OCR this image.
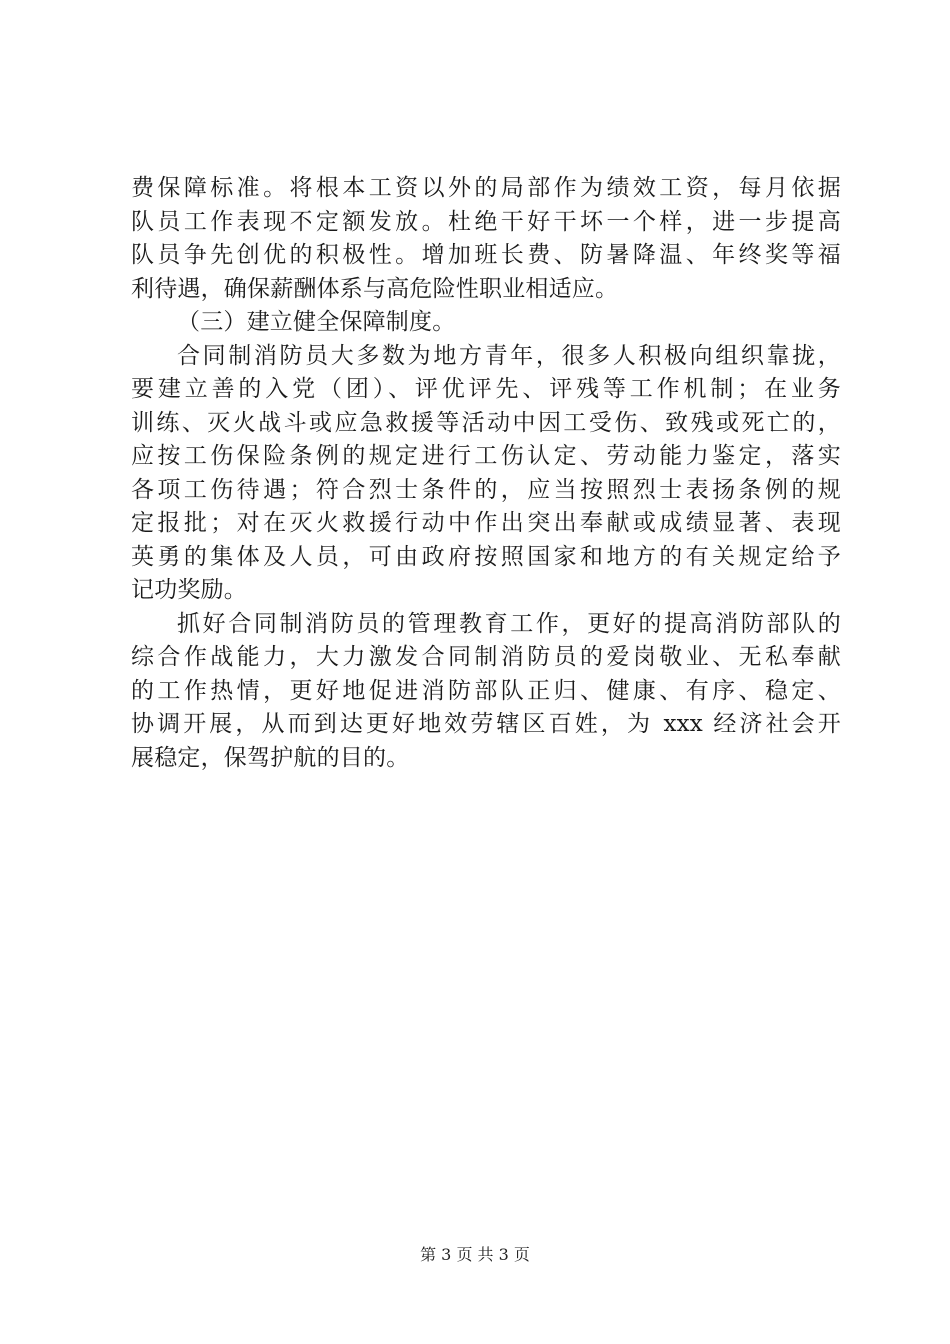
费保障标准。将根本工资以外的局部作为绩效工资，每月依据
队员工作表现不定额发放。杜绝干好干坏一个样，进一步提高
队员争先创优的积极性。增加班长费、防暑降温、年终奖等福
利待遇，确保薪酬体系与高危险性职业相适应。
（三）建立健全保障制度。
合同制消防员大多数为地方青年，很多人积极向组织靠拢，
要建立善的入党（团）、评优评先、评残等工作机制；在业务
训练、灭火战斗或应急救援等活动中因工受伤、致残或死亡的，
应按工伤保险条例的规定进行工伤认定、劳动能力鉴定，落实
各项工伤待遇；符合烈士条件的，应当按照烈士表扬条例的规
定报批；对在灭火救援行动中作出突出奉献或成绩显著、表现
英勇的集体及人员，可由政府按照国家和地方的有关规定给予
记功奖励。
抓好合同制消防员的管理教育工作，更好的提高消防部队的
综合作战能力，大力激发合同制消防员的爱岗敬业、无私奉献
的工作热情，更好地促进消防部队正归、健康、有序、稳定、
协调开展，从而到达更好地效劳辖区百姓，为 xxx 经济社会开
展稳定，保驾护航的目的。
第 3 页 共 3 页
